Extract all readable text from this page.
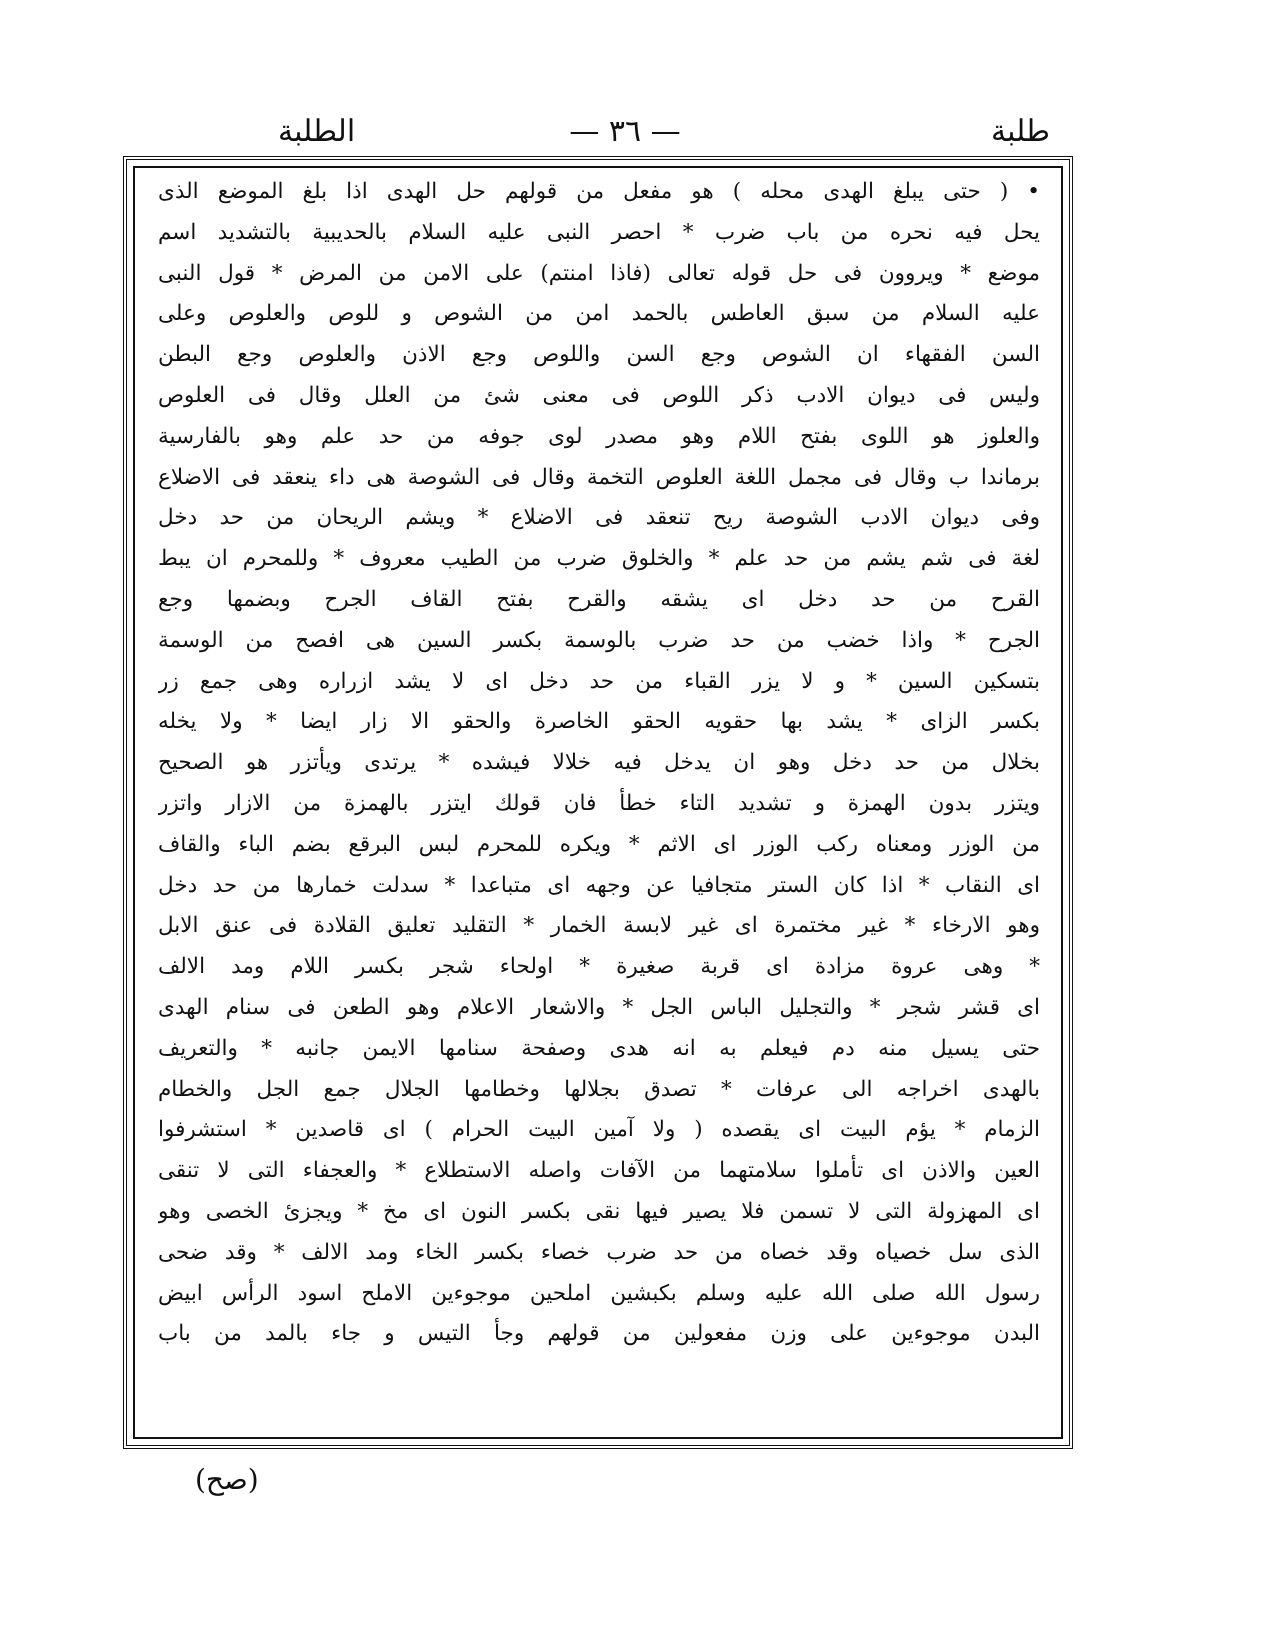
الطلبة	— ٣٦ —	طلبة
• ( حتى يبلغ الهدى محله ) هو مفعل من قولهم حل الهدى اذا بلغ الموضع الذى
يحل فيه نحره من باب ضرب * احصر النبى عليه السلام بالحديبية بالتشديد اسم
موضع * ويروون فى حل قوله تعالى (فاذا امنتم) على الامن من المرض * قول النبى
عليه السلام من سبق العاطس بالحمد امن من الشوص و للوص والعلوص وعلى
السن الفقهاء ان الشوص وجع السن واللوص وجع الاذن والعلوص وجع البطن
وليس فى ديوان الادب ذكر اللوص فى معنى شئ من العلل وقال فى العلوص
والعلوز هو اللوى بفتح اللام وهو مصدر لوى جوفه من حد علم وهو بالفارسية
برماندا ب وقال فى مجمل اللغة العلوص التخمة وقال فى الشوصة هى داء ينعقد فى الاضلاع
وفى ديوان الادب الشوصة ريح تنعقد فى الاضلاع * ويشم الريحان من حد دخل
لغة فى شم يشم من حد علم * والخلوق ضرب من الطيب معروف * وللمحرم ان يبط
القرح من حد دخل اى يشقه والقرح بفتح القاف الجرح وبضمها وجع
الجرح * واذا خضب من حد ضرب بالوسمة بكسر السين هى افصح من الوسمة
بتسكين السين * و لا يزر القباء من حد دخل اى لا يشد ازراره وهى جمع زر
بكسر الزاى * يشد بها حقويه الحقو الخاصرة والحقو الا زار ايضا * ولا يخله
بخلال من حد دخل وهو ان يدخل فيه خلالا فيشده * يرتدى ويأتزر هو الصحيح
ويتزر بدون الهمزة و تشديد التاء خطأ فان قولك ايتزر بالهمزة من الازار واتزر
من الوزر ومعناه ركب الوزر اى الاثم * ويكره للمحرم لبس البرقع بضم الباء والقاف
اى النقاب * اذا كان الستر متجافيا عن وجهه اى متباعدا * سدلت خمارها من حد دخل
وهو الارخاء * غير مختمرة اى غير لابسة الخمار * التقليد تعليق القلادة فى عنق الابل
* وهى عروة مزادة اى قربة صغيرة * اولحاء شجر بكسر اللام ومد الالف
اى قشر شجر * والتجليل الباس الجل * والاشعار الاعلام وهو الطعن فى سنام الهدى
حتى يسيل منه دم فيعلم به انه هدى وصفحة سنامها الايمن جانبه * والتعريف
بالهدى اخراجه الى عرفات * تصدق بجلالها وخطامها الجلال جمع الجل والخطام
الزمام * يؤم البيت اى يقصده ( ولا آمين البيت الحرام ) اى قاصدين * استشرفوا
العين والاذن اى تأملوا سلامتهما من الآفات واصله الاستطلاع * والعجفاء التى لا تنقى
اى المهزولة التى لا تسمن فلا يصير فيها نقى بكسر النون اى مخ * ويجزئ الخصى وهو
الذى سل خصياه وقد خصاه من حد ضرب خصاء بكسر الخاء ومد الالف * وقد ضحى
رسول الله صلى الله عليه وسلم بكبشين املحين موجوءين الاملح اسود الرأس ابيض
البدن موجوءين على وزن مفعولين من قولهم وجأ التيس و جاء بالمد من باب
(صح)
